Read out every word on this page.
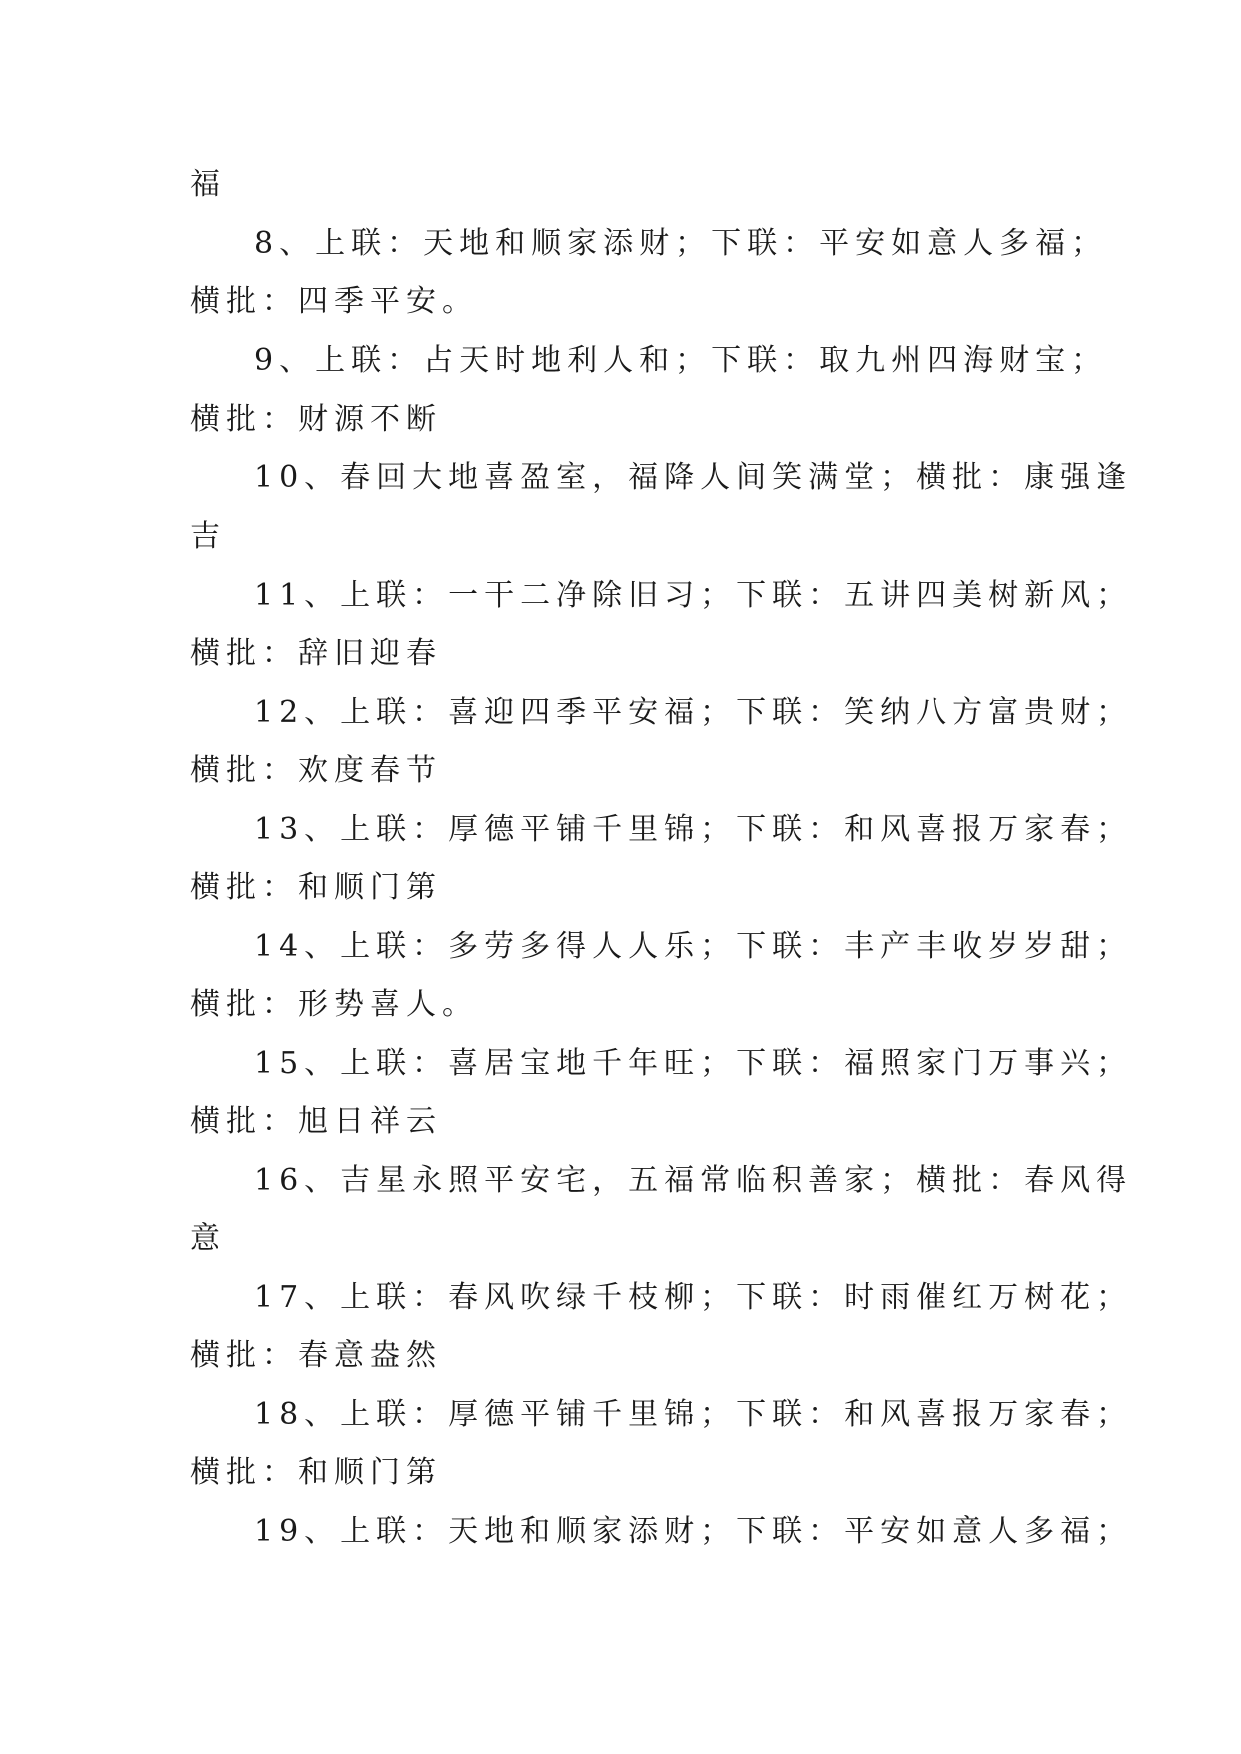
福
8、上联：天地和顺家添财；下联：平安如意人多福；
横批：四季平安。
9、上联：占天时地利人和；下联：取九州四海财宝；
横批：财源不断
10、春回大地喜盈室，福降人间笑满堂；横批：康强逢
吉
11、上联：一干二净除旧习；下联：五讲四美树新风；
横批：辞旧迎春
12、上联：喜迎四季平安福；下联：笑纳八方富贵财；
横批：欢度春节
13、上联：厚德平铺千里锦；下联：和风喜报万家春；
横批：和顺门第
14、上联：多劳多得人人乐；下联：丰产丰收岁岁甜；
横批：形势喜人。
15、上联：喜居宝地千年旺；下联：福照家门万事兴；
横批：旭日祥云
16、吉星永照平安宅，五福常临积善家；横批：春风得
意
17、上联：春风吹绿千枝柳；下联：时雨催红万树花；
横批：春意盎然
18、上联：厚德平铺千里锦；下联：和风喜报万家春；
横批：和顺门第
19、上联：天地和顺家添财；下联：平安如意人多福；
